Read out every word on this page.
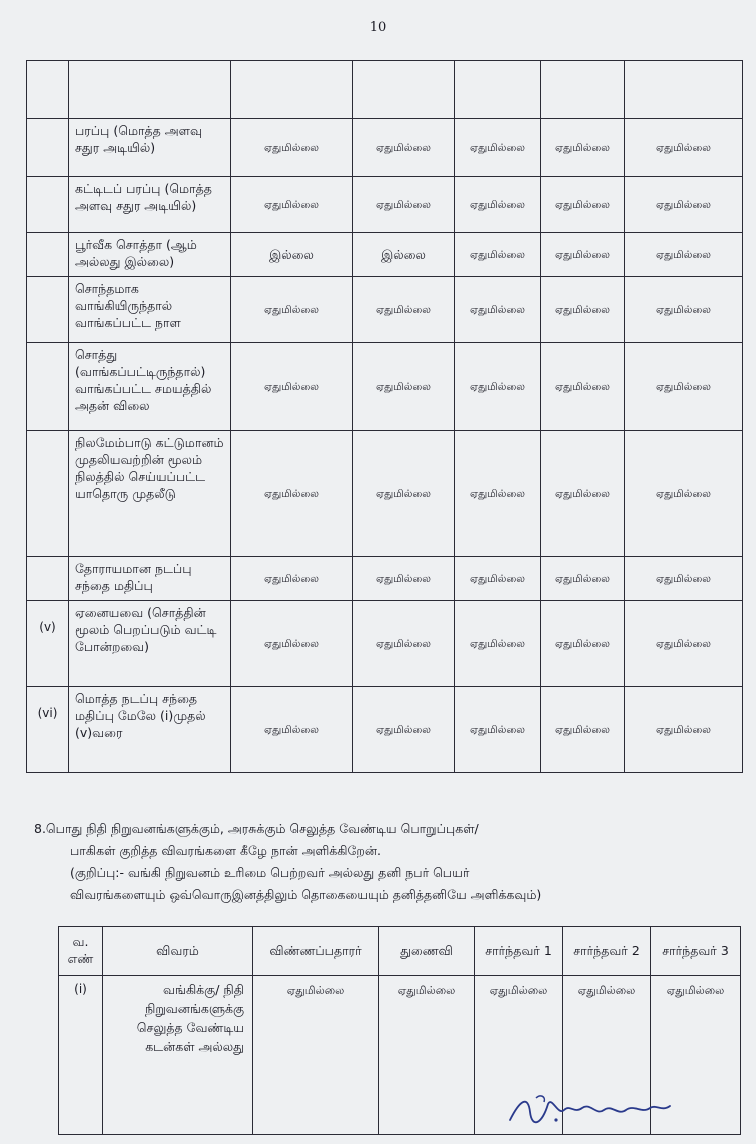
10

	பரப்பு (மொத்த அளவு சதுர அடியில்)	ஏதுமில்லை	ஏதுமில்லை	ஏதுமில்லை	ஏதுமில்லை	ஏதுமில்லை
	கட்டிடப் பரப்பு (மொத்த அளவு சதுர அடியில்)	ஏதுமில்லை	ஏதுமில்லை	ஏதுமில்லை	ஏதுமில்லை	ஏதுமில்லை
	பூர்வீக சொத்தா (ஆம் அல்லது இல்லை)	இல்லை	இல்லை	ஏதுமில்லை	ஏதுமில்லை	ஏதுமில்லை
	சொந்தமாக வாங்கியிருந்தால் வாங்கப்பட்ட நாள	ஏதுமில்லை	ஏதுமில்லை	ஏதுமில்லை	ஏதுமில்லை	ஏதுமில்லை
	சொத்து (வாங்கப்பட்டிருந்தால்) வாங்கப்பட்ட சமயத்தில் அதன் விலை	ஏதுமில்லை	ஏதுமில்லை	ஏதுமில்லை	ஏதுமில்லை	ஏதுமில்லை
	நிலமேம்பாடு கட்டுமானம் முதலியவற்றின் மூலம் நிலத்தில் செய்யப்பட்ட யாதொரு முதலீடு	ஏதுமில்லை	ஏதுமில்லை	ஏதுமில்லை	ஏதுமில்லை	ஏதுமில்லை
	தோராயமான நடப்பு சந்தை மதிப்பு	ஏதுமில்லை	ஏதுமில்லை	ஏதுமில்லை	ஏதுமில்லை	ஏதுமில்லை
(v)	ஏனையவை (சொத்தின் மூலம் பெறப்படும் வட்டி போன்றவை)	ஏதுமில்லை	ஏதுமில்லை	ஏதுமில்லை	ஏதுமில்லை	ஏதுமில்லை
(vi)	மொத்த நடப்பு சந்தை மதிப்பு மேலே (i)முதல் (v)வரை	ஏதுமில்லை	ஏதுமில்லை	ஏதுமில்லை	ஏதுமில்லை	ஏதுமில்லை
8.பொது நிதி நிறுவனங்களுக்கும், அரசுக்கும் செலுத்த வேண்டிய பொறுப்புகள்/
பாகிகள் குறித்த விவரங்களை கீழே நான் அளிக்கிறேன்.
(குறிப்பு:- வங்கி நிறுவனம் உரிமை பெற்றவர் அல்லது தனி நபர் பெயர்
விவரங்களையும் ஒவ்வொருஇனத்திலும் தொகையையும் தனித்தனியே அளிக்கவும்)
வ. எண்	விவரம்	விண்ணப்பதாரர்	துணைவி	சார்ந்தவர் 1	சார்ந்தவர் 2	சார்ந்தவர் 3
(i)	வங்கிக்கு/ நிதி நிறுவனங்களுக்கு செலுத்த வேண்டிய கடன்கள் அல்லது	ஏதுமில்லை	ஏதுமில்லை	ஏதுமில்லை	ஏதுமில்லை	ஏதுமில்லை
